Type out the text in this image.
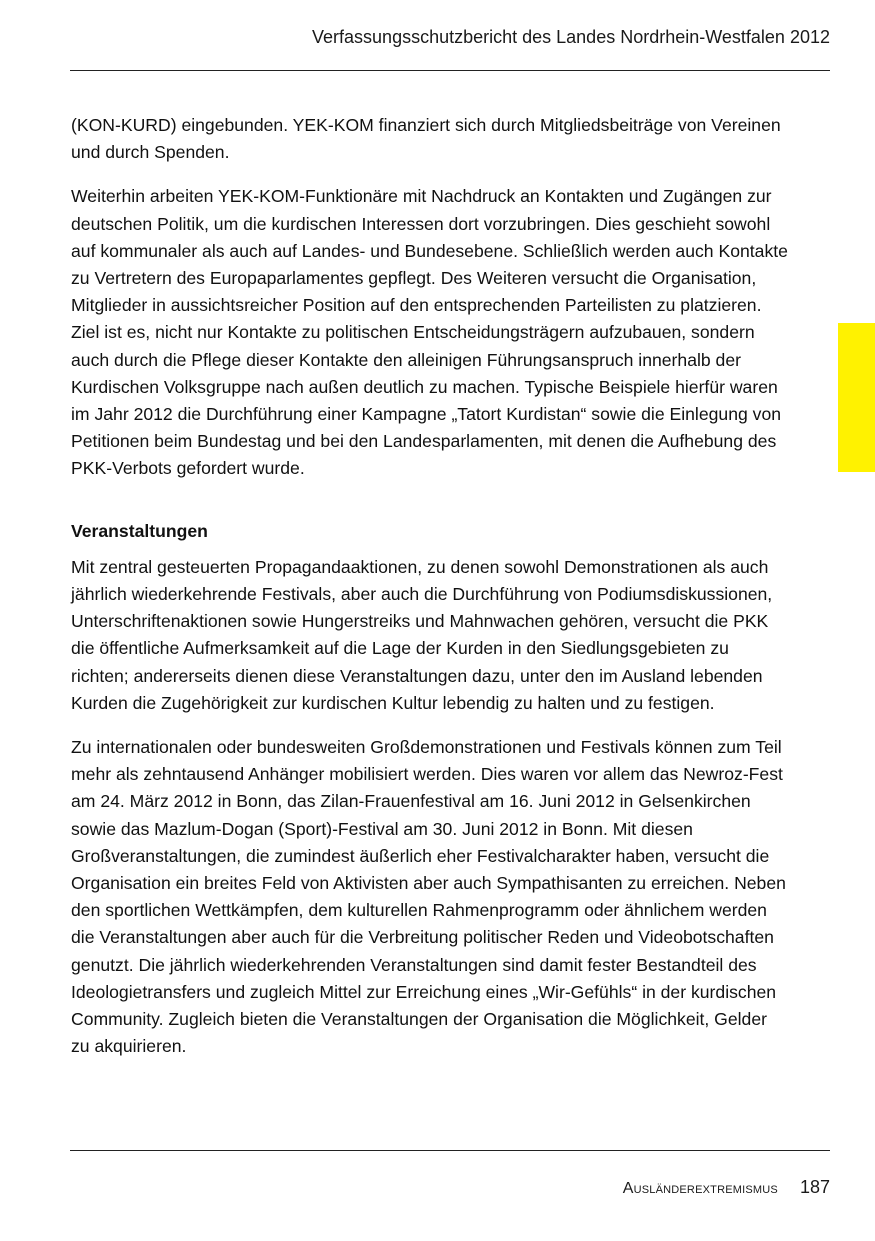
Verfassungsschutzbericht des Landes Nordrhein-Westfalen 2012

(KON-KURD) eingebunden. YEK-KOM finanziert sich durch Mitgliedsbeiträge von Vereinen und durch Spenden.

Weiterhin arbeiten YEK-KOM-Funktionäre mit Nachdruck an Kontakten und Zugängen zur deutschen Politik, um die kurdischen Interessen dort vorzubringen. Dies geschieht sowohl auf kommunaler als auch auf Landes- und Bundesebene. Schließlich werden auch Kontakte zu Vertretern des Europaparlamentes gepflegt. Des Weiteren versucht die Organisation, Mitglieder in aussichtsreicher Position auf den entsprechenden Parteilisten zu platzieren. Ziel ist es, nicht nur Kontakte zu politischen Entscheidungsträgern aufzubauen, sondern auch durch die Pflege dieser Kontakte den alleinigen Führungsanspruch innerhalb der Kurdischen Volksgruppe nach außen deutlich zu machen. Typische Beispiele hierfür waren im Jahr 2012 die Durchführung einer Kampagne „Tatort Kurdistan“ sowie die Einlegung von Petitionen beim Bundestag und bei den Landesparlamenten, mit denen die Aufhebung des PKK-Verbots gefordert wurde.

Veranstaltungen

Mit zentral gesteuerten Propagandaaktionen, zu denen sowohl Demonstrationen als auch jährlich wiederkehrende Festivals, aber auch die Durchführung von Podiumsdiskussionen, Unterschriftenaktionen sowie Hungerstreiks und Mahnwachen gehören, versucht die PKK die öffentliche Aufmerksamkeit auf die Lage der Kurden in den Siedlungsgebieten zu richten; andererseits dienen diese Veranstaltungen dazu, unter den im Ausland lebenden Kurden die Zugehörigkeit zur kurdischen Kultur lebendig zu halten und zu festigen.

Zu internationalen oder bundesweiten Großdemonstrationen und Festivals können zum Teil mehr als zehntausend Anhänger mobilisiert werden. Dies waren vor allem das Newroz-Fest am 24. März 2012 in Bonn, das Zilan-Frauenfestival am 16. Juni 2012 in Gelsenkirchen sowie das Mazlum-Dogan (Sport)-Festival am 30. Juni 2012 in Bonn. Mit diesen Großveranstaltungen, die zumindest äußerlich eher Festivalcharakter haben, versucht die Organisation ein breites Feld von Aktivisten aber auch Sympathisanten zu erreichen. Neben den sportlichen Wettkämpfen, dem kulturellen Rahmenprogramm oder ähnlichem werden die Veranstaltungen aber auch für die Verbreitung politischer Reden und Videobotschaften genutzt. Die jährlich wiederkehrenden Veranstaltungen sind damit fester Bestandteil des Ideologietransfers und zugleich Mittel zur Erreichung eines „Wir-Gefühls“ in der kurdischen Community. Zugleich bieten die Veranstaltungen der Organisation die Möglichkeit, Gelder zu akquirieren.

Ausländerextremismus 187
